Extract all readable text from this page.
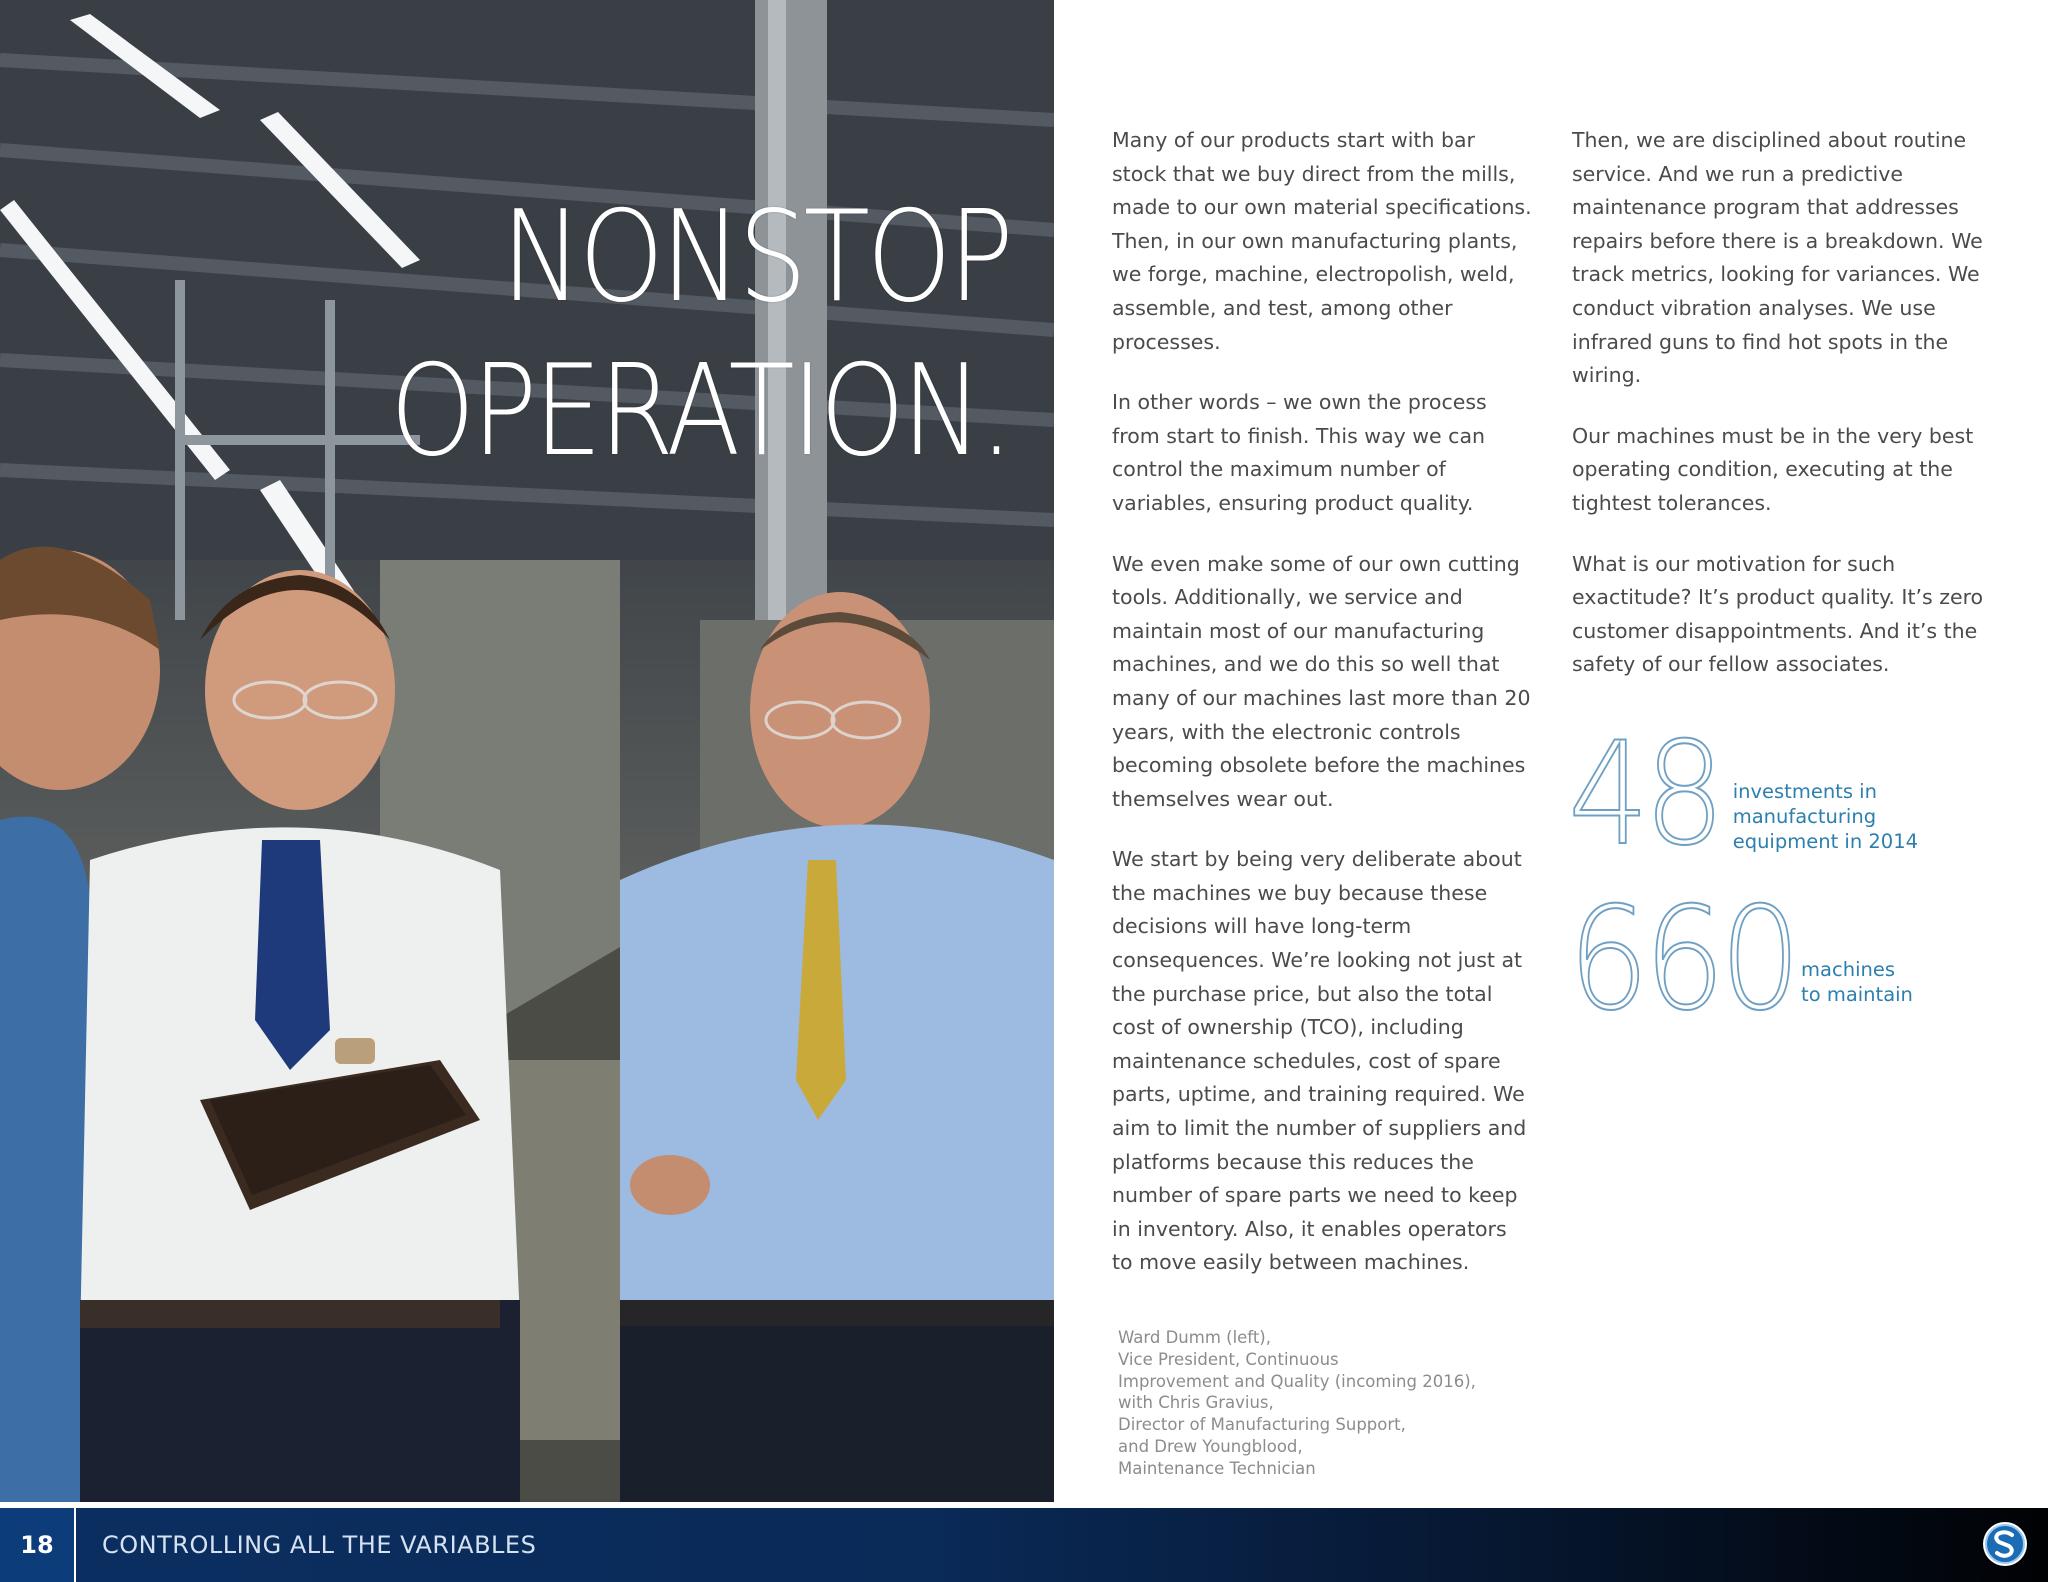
NONSTOP
OPERATION.

Many of our products start with bar stock that we buy direct from the mills, made to our own material specifications. Then, in our own manufacturing plants, we forge, machine, electropolish, weld, assemble, and test, among other processes.

In other words – we own the process from start to finish. This way we can control the maximum number of variables, ensuring product quality.

We even make some of our own cutting tools. Additionally, we service and maintain most of our manufacturing machines, and we do this so well that many of our machines last more than 20 years, with the electronic controls becoming obsolete before the machines themselves wear out.

We start by being very deliberate about the machines we buy because these decisions will have long-term consequences. We’re looking not just at the purchase price, but also the total cost of ownership (TCO), including maintenance schedules, cost of spare parts, uptime, and training required. We aim to limit the number of suppliers and platforms because this reduces the number of spare parts we need to keep in inventory. Also, it enables operators to move easily between machines.

Then, we are disciplined about routine service. And we run a predictive maintenance program that addresses repairs before there is a breakdown. We track metrics, looking for variances. We conduct vibration analyses. We use infrared guns to find hot spots in the wiring.

Our machines must be in the very best operating condition, executing at the tightest tolerances.

What is our motivation for such exactitude? It’s product quality. It’s zero customer disappointments. And it’s the safety of our fellow associates.

48 investments in
manufacturing
equipment in 2014
660 machines
to maintain
Ward Dumm (left),
Vice President, Continuous
Improvement and Quality (incoming 2016),
with Chris Gravius,
Director of Manufacturing Support,
and Drew Youngblood,
Maintenance Technician
18 CONTROLLING ALL THE VARIABLES
